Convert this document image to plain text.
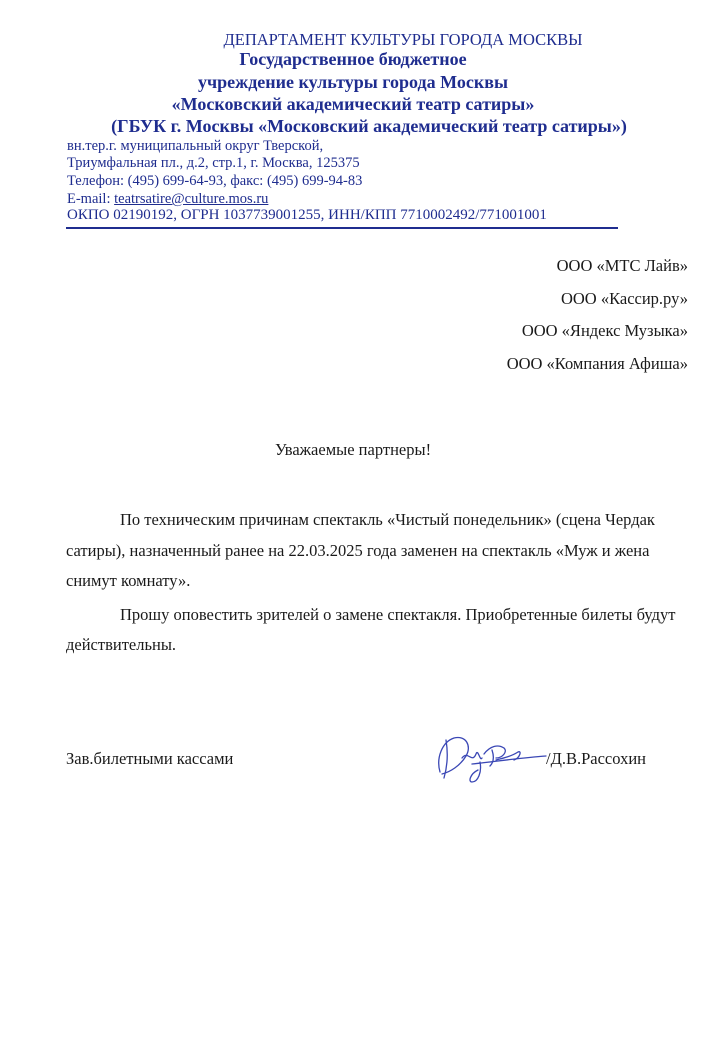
ДЕПАРТАМЕНТ КУЛЬТУРЫ ГОРОДА МОСКВЫ
Государственное бюджетное
учреждение культуры города Москвы
«Московский академический театр сатиры»
(ГБУК г. Москвы «Московский академический театр сатиры»)
вн.тер.г. муниципальный округ Тверской,
Триумфальная пл., д.2, стр.1, г. Москва, 125375
Телефон: (495) 699-64-93, факс: (495) 699-94-83
E-mail: teatrsatire@culture.mos.ru
ОКПО 02190192, ОГРН 1037739001255, ИНН/КПП 7710002492/771001001
ООО «МТС Лайв»
ООО «Кассир.ру»
ООО «Яндекс Музыка»
ООО «Компания Афиша»
Уважаемые партнеры!

По техническим причинам спектакль «Чистый понедельник» (сцена Чердак сатиры), назначенный ранее на 22.03.2025 года заменен на спектакль «Муж и жена снимут комнату».

Прошу оповестить зрителей о замене спектакля. Приобретенные билеты будут действительны.

Зав.билетными кассами	/Д.В.Рассохин
